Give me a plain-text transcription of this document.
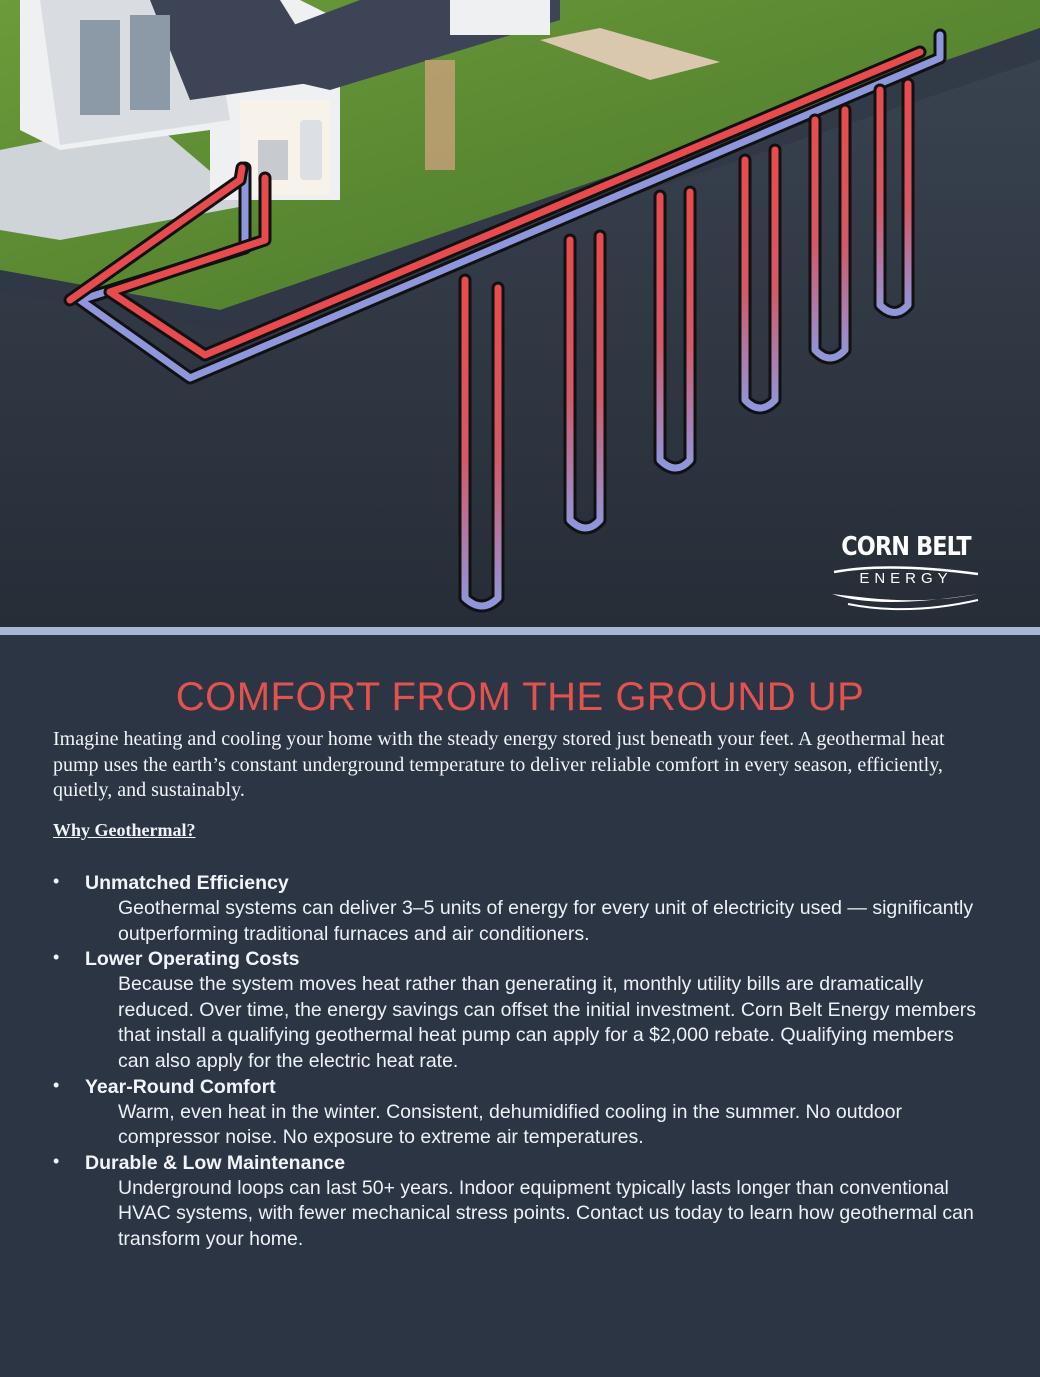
CORN BELT
ENERGY
COMFORT FROM THE GROUND UP

Imagine heating and cooling your home with the steady energy stored just beneath your feet. A geothermal heat pump uses the earth’s constant underground temperature to deliver reliable comfort in every season, efficiently, quietly, and sustainably.

Why Geothermal?
• Unmatched Efficiency
Geothermal systems can deliver 3–5 units of energy for every unit of electricity used — significantly outperforming traditional furnaces and air conditioners.
• Lower Operating Costs
Because the system moves heat rather than generating it, monthly utility bills are dramatically reduced. Over time, the energy savings can offset the initial investment. Corn Belt Energy members that install a qualifying geothermal heat pump can apply for a $2,000 rebate. Qualifying members can also apply for the electric heat rate.
• Year-Round Comfort
Warm, even heat in the winter. Consistent, dehumidified cooling in the summer. No outdoor compressor noise. No exposure to extreme air temperatures.
• Durable & Low Maintenance
Underground loops can last 50+ years. Indoor equipment typically lasts longer than conventional HVAC systems, with fewer mechanical stress points. Contact us today to learn how geothermal can transform your home.
